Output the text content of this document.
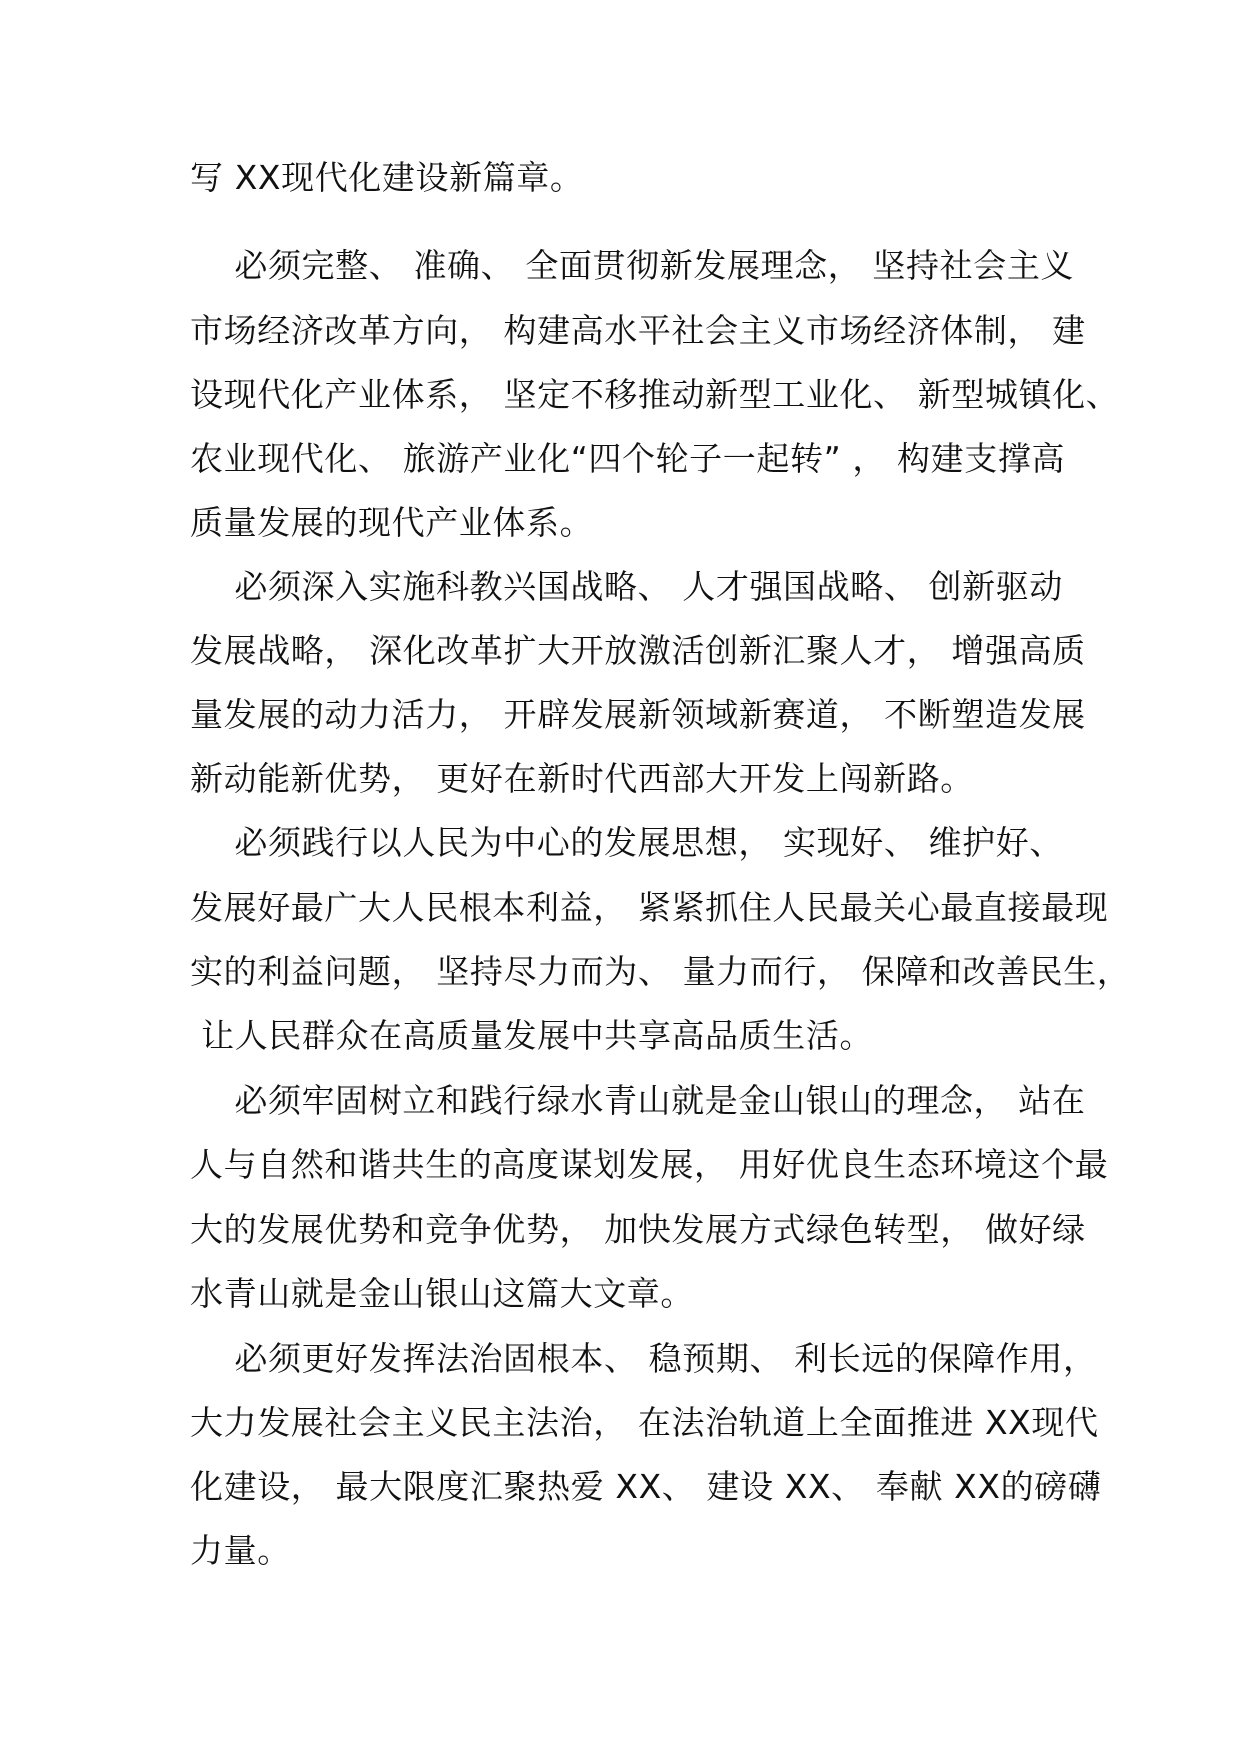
写 XX现代化建设新篇章。
必须完整、 准确、 全面贯彻新发展理念， 坚持社会主义
市场经济改革方向， 构建高水平社会主义市场经济体制， 建
设现代化产业体系， 坚定不移推动新型工业化、 新型城镇化、
农业现代化、 旅游产业化“四个轮子一起转” ， 构建支撑高
质量发展的现代产业体系。
必须深入实施科教兴国战略、 人才强国战略、 创新驱动
发展战略， 深化改革扩大开放激活创新汇聚人才， 增强高质
量发展的动力活力， 开辟发展新领域新赛道， 不断塑造发展
新动能新优势， 更好在新时代西部大开发上闯新路。
必须践行以人民为中心的发展思想， 实现好、 维护好、
发展好最广大人民根本利益， 紧紧抓住人民最关心最直接最现
实的利益问题， 坚持尽力而为、 量力而行， 保障和改善民生，
让人民群众在高质量发展中共享高品质生活。
必须牢固树立和践行绿水青山就是金山银山的理念， 站在
人与自然和谐共生的高度谋划发展， 用好优良生态环境这个最
大的发展优势和竞争优势， 加快发展方式绿色转型， 做好绿
水青山就是金山银山这篇大文章。
必须更好发挥法治固根本、 稳预期、 利长远的保障作用，
大力发展社会主义民主法治， 在法治轨道上全面推进 XX现代
化建设， 最大限度汇聚热爱 XX、 建设 XX、 奉献 XX的磅礴
力量。
